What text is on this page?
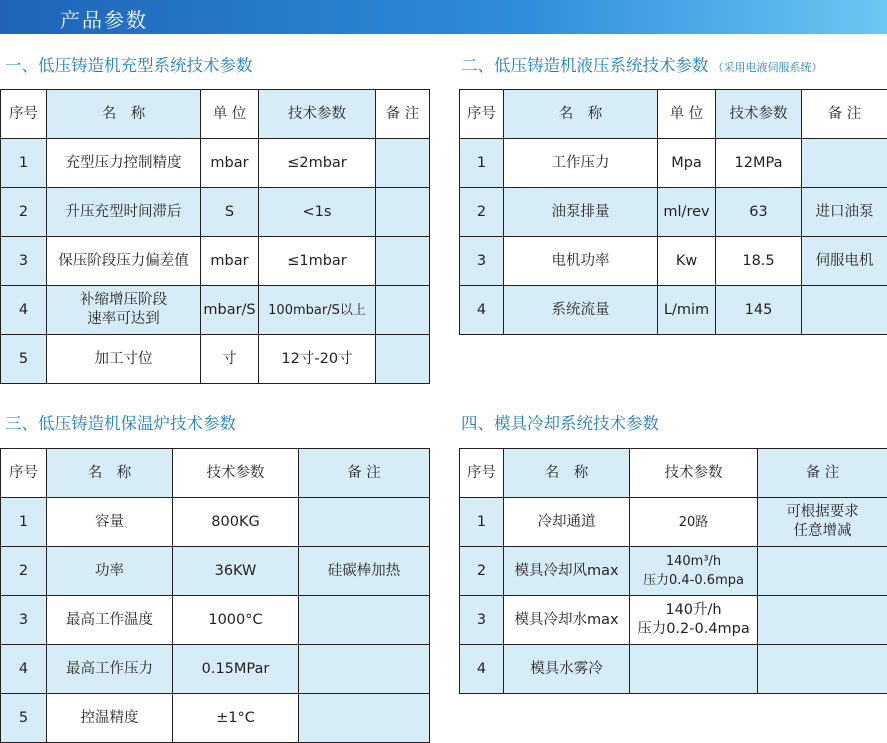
产品参数
一、低压铸造机充型系统技术参数
序号	名　称	单 位	技术参数	备 注
1	充型压力控制精度	mbar	≤2mbar	
2	升压充型时间滞后	S	<1s	
3	保压阶段压力偏差值	mbar	≤1mbar	
4	补缩增压阶段
速率可达到	mbar/S	100mbar/S以上	
5	加工寸位	寸	12寸-20寸	
二、低压铸造机液压系统技术参数 （采用电液伺服系统）
序号	名　称	单 位	技术参数	备 注
1	工作压力	Mpa	12MPa	
2	油泵排量	ml/rev	63	进口油泵
3	电机功率	Kw	18.5	伺服电机
4	系统流量	L/mim	145	
三、低压铸造机保温炉技术参数
序号	名　称	技术参数	备 注
1	容量	800KG	
2	功率	36KW	硅碳棒加热
3	最高工作温度	1000°C	
4	最高工作压力	0.15MPar	
5	控温精度	±1°C	
四、模具冷却系统技术参数
序号	名　称	技术参数	备 注
1	冷却通道	20路	可根据要求
任意增减
2	模具冷却风max	140m³/h
压力0.4-0.6mpa	
3	模具冷却水max	140升/h
压力0.2-0.4mpa	
4	模具水雾冷		
